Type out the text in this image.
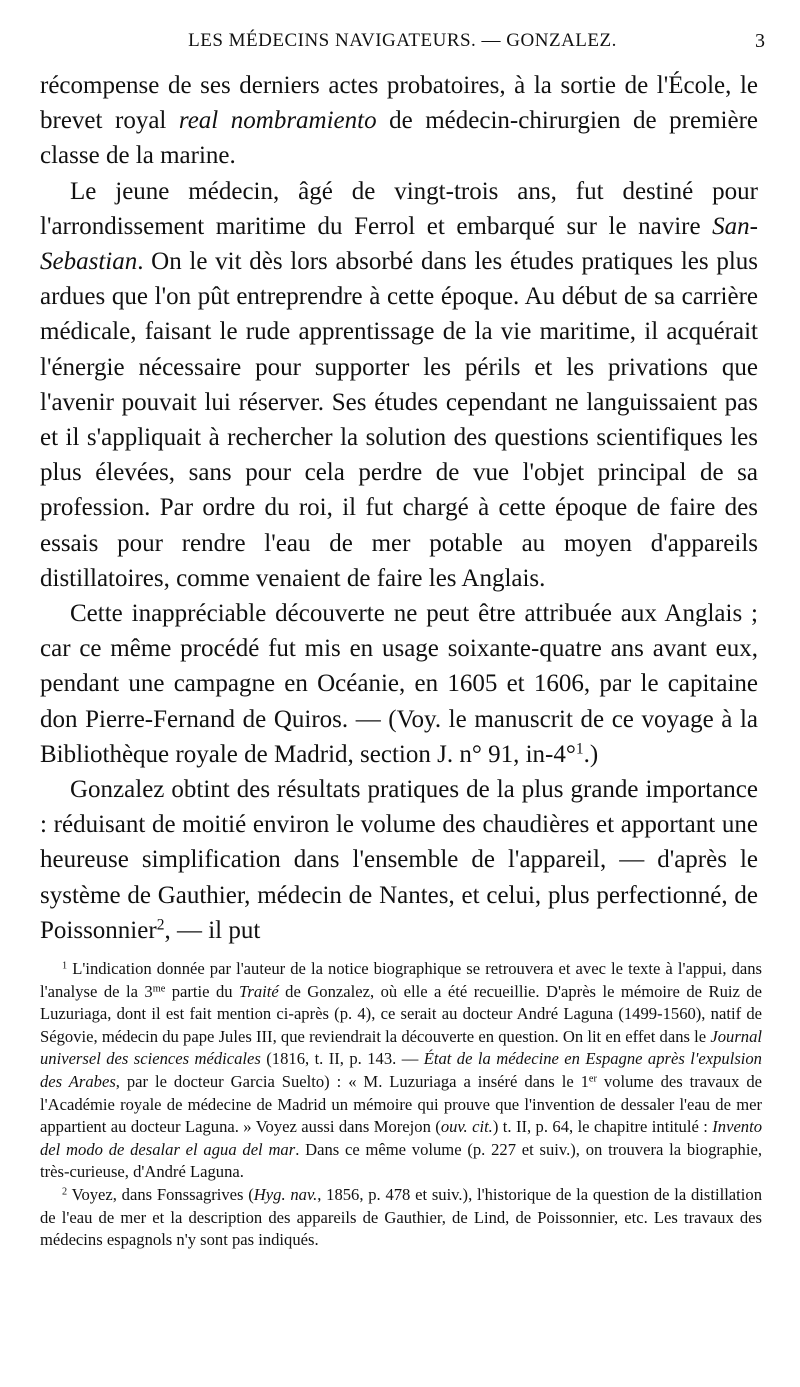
LES MÉDECINS NAVIGATEURS. — GONZALEZ.	3

récompense de ses derniers actes probatoires, à la sortie de l'École, le brevet royal real nombramiento de médecin-chirurgien de première classe de la marine.

Le jeune médecin, âgé de vingt-trois ans, fut destiné pour l'arrondissement maritime du Ferrol et embarqué sur le navire San-Sebastian. On le vit dès lors absorbé dans les études pratiques les plus ardues que l'on pût entreprendre à cette époque. Au début de sa carrière médicale, faisant le rude apprentissage de la vie maritime, il acquérait l'énergie nécessaire pour supporter les périls et les privations que l'avenir pouvait lui réserver. Ses études cependant ne languissaient pas et il s'appliquait à rechercher la solution des questions scientifiques les plus élevées, sans pour cela perdre de vue l'objet principal de sa profession. Par ordre du roi, il fut chargé à cette époque de faire des essais pour rendre l'eau de mer potable au moyen d'appareils distillatoires, comme venaient de faire les Anglais.

Cette inappréciable découverte ne peut être attribuée aux Anglais ; car ce même procédé fut mis en usage soixante-quatre ans avant eux, pendant une campagne en Océanie, en 1605 et 1606, par le capitaine don Pierre-Fernand de Quiros. — (Voy. le manuscrit de ce voyage à la Bibliothèque royale de Madrid, section J. n° 91, in-4°$^1$.)

Gonzalez obtint des résultats pratiques de la plus grande importance : réduisant de moitié environ le volume des chaudières et apportant une heureuse simplification dans l'ensemble de l'appareil, — d'après le système de Gauthier, médecin de Nantes, et celui, plus perfectionné, de Poissonnier$^2$, — il put

$^1$ L'indication donnée par l'auteur de la notice biographique se retrouvera et avec le texte à l'appui, dans l'analyse de la $3^{me}$ partie du Traité de Gonzalez, où elle a été recueillie. D'après le mémoire de Ruiz de Luzuriaga, dont il est fait mention ci-après (p. 4), ce serait au docteur André Laguna (1499-1560), natif de Ségovie, médecin du pape Jules III, que reviendrait la découverte en question. On lit en effet dans le Journal universel des sciences médicales (1816, t. II, p. 143. — État de la médecine en Espagne après l'expulsion des Arabes, par le docteur Garcia Suelto) : « M. Luzuriaga a inséré dans le 1er volume des travaux de l'Académie royale de médecine de Madrid un mémoire qui prouve que l'invention de dessaler l'eau de mer appartient au docteur Laguna. » Voyez aussi dans Morejon (ouv. cit.) t. II, p. 64, le chapitre intitulé : Invento del modo de desalar el agua del mar. Dans ce même volume (p. 227 et suiv.), on trouvera la biographie, très-curieuse, d'André Laguna.

$^2$ Voyez, dans Fonssagrives (Hyg. nav., 1856, p. 478 et suiv.), l'historique de la question de la distillation de l'eau de mer et la description des appareils de Gauthier, de Lind, de Poissonnier, etc. Les travaux des médecins espagnols n'y sont pas indiqués.
